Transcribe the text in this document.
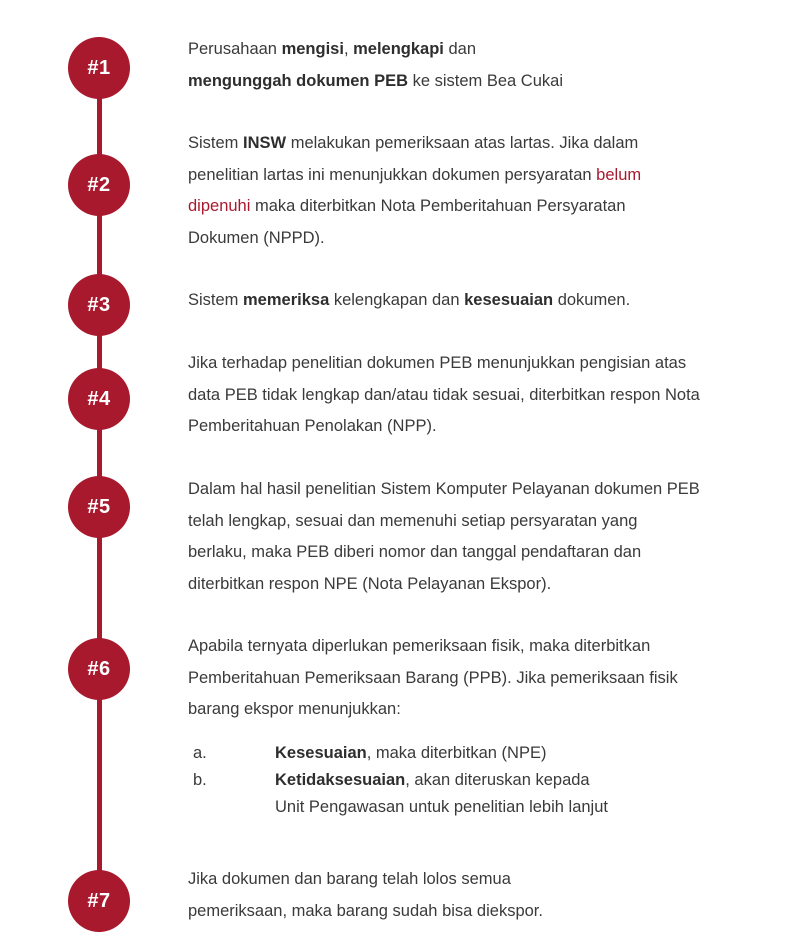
#1
#2
#3
#4
#5
#6
#7
Perusahaan mengisi, melengkapi dan
mengunggah dokumen PEB ke sistem Bea Cukai
Sistem INSW melakukan pemeriksaan atas lartas. Jika dalam
penelitian lartas ini menunjukkan dokumen persyaratan belum
dipenuhi maka diterbitkan Nota Pemberitahuan Persyaratan
Dokumen (NPPD).
Sistem memeriksa kelengkapan dan kesesuaian dokumen.
Jika terhadap penelitian dokumen PEB menunjukkan pengisian atas
data PEB tidak lengkap dan/atau tidak sesuai, diterbitkan respon Nota
Pemberitahuan Penolakan (NPP).
Dalam hal hasil penelitian Sistem Komputer Pelayanan dokumen PEB
telah lengkap, sesuai dan memenuhi setiap persyaratan yang
berlaku, maka PEB diberi nomor dan tanggal pendaftaran dan
diterbitkan respon NPE (Nota Pelayanan Ekspor).
Apabila ternyata diperlukan pemeriksaan fisik, maka diterbitkan
Pemberitahuan Pemeriksaan Barang (PPB). Jika pemeriksaan fisik
barang ekspor menunjukkan:
a.	Kesesuaian, maka diterbitkan (NPE)
b.	Ketidaksesuaian, akan diteruskan kepada
Unit Pengawasan untuk penelitian lebih lanjut
Jika dokumen dan barang telah lolos semua
pemeriksaan, maka barang sudah bisa diekspor.
